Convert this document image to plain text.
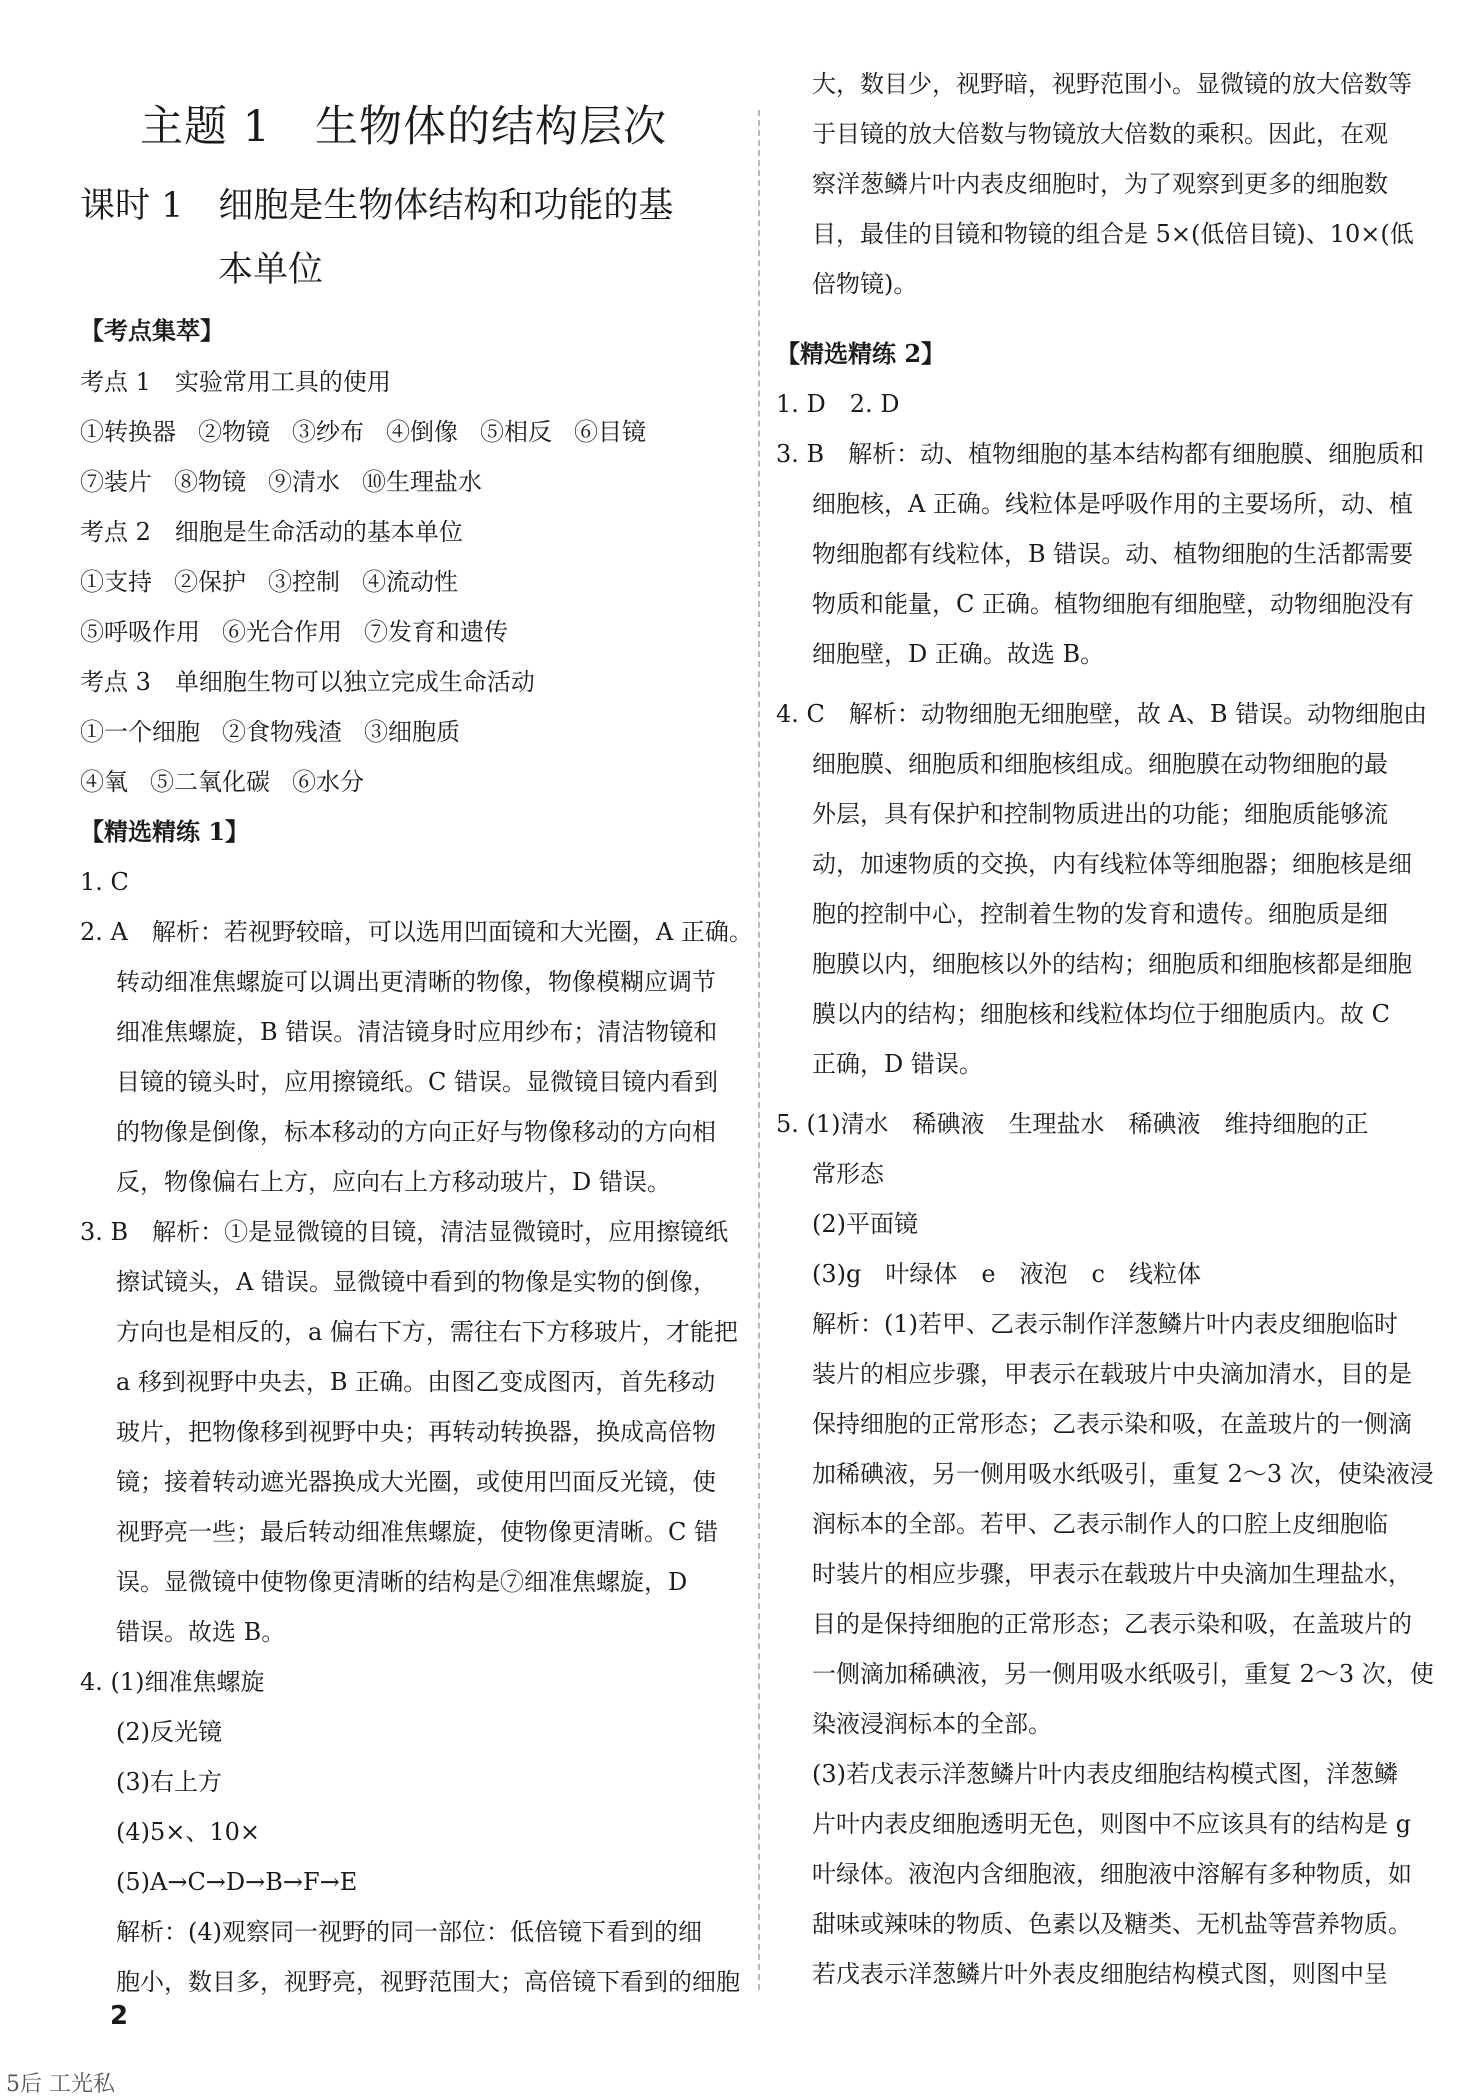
主题 1　生物体的结构层次
课时 1　细胞是生物体结构和功能的基
本单位
【考点集萃】
考点 1　实验常用工具的使用
①转换器 ②物镜 ③纱布 ④倒像 ⑤相反 ⑥目镜
⑦装片 ⑧物镜 ⑨清水 ⑩生理盐水
考点 2　细胞是生命活动的基本单位
①支持 ②保护 ③控制 ④流动性
⑤呼吸作用 ⑥光合作用 ⑦发育和遗传
考点 3　单细胞生物可以独立完成生命活动
①一个细胞 ②食物残渣 ③细胞质
④氧 ⑤二氧化碳 ⑥水分
【精选精练 1】
1. C
2. A　解析：若视野较暗，可以选用凹面镜和大光圈，A 正确。
转动细准焦螺旋可以调出更清晰的物像，物像模糊应调节
细准焦螺旋，B 错误。清洁镜身时应用纱布；清洁物镜和
目镜的镜头时，应用擦镜纸。C 错误。显微镜目镜内看到
的物像是倒像，标本移动的方向正好与物像移动的方向相
反，物像偏右上方，应向右上方移动玻片，D 错误。
3. B　解析：①是显微镜的目镜，清洁显微镜时，应用擦镜纸
擦试镜头，A 错误。显微镜中看到的物像是实物的倒像，
方向也是相反的，a 偏右下方，需往右下方移玻片，才能把
a 移到视野中央去，B 正确。由图乙变成图丙，首先移动
玻片，把物像移到视野中央；再转动转换器，换成高倍物
镜；接着转动遮光器换成大光圈，或使用凹面反光镜，使
视野亮一些；最后转动细准焦螺旋，使物像更清晰。C 错
误。显微镜中使物像更清晰的结构是⑦细准焦螺旋，D
错误。故选 B。
4. (1)细准焦螺旋
(2)反光镜
(3)右上方
(4)5×、10×
(5)A→C→D→B→F→E
解析：(4)观察同一视野的同一部位：低倍镜下看到的细
胞小，数目多，视野亮，视野范围大；高倍镜下看到的细胞
大，数目少，视野暗，视野范围小。显微镜的放大倍数等
于目镜的放大倍数与物镜放大倍数的乘积。因此，在观
察洋葱鳞片叶内表皮细胞时，为了观察到更多的细胞数
目，最佳的目镜和物镜的组合是 5×(低倍目镜)、10×(低
倍物镜)。
【精选精练 2】
1. D　2. D
3. B　解析：动、植物细胞的基本结构都有细胞膜、细胞质和
细胞核，A 正确。线粒体是呼吸作用的主要场所，动、植
物细胞都有线粒体，B 错误。动、植物细胞的生活都需要
物质和能量，C 正确。植物细胞有细胞壁，动物细胞没有
细胞壁，D 正确。故选 B。
4. C　解析：动物细胞无细胞壁，故 A、B 错误。动物细胞由
细胞膜、细胞质和细胞核组成。细胞膜在动物细胞的最
外层，具有保护和控制物质进出的功能；细胞质能够流
动，加速物质的交换，内有线粒体等细胞器；细胞核是细
胞的控制中心，控制着生物的发育和遗传。细胞质是细
胞膜以内，细胞核以外的结构；细胞质和细胞核都是细胞
膜以内的结构；细胞核和线粒体均位于细胞质内。故 C
正确，D 错误。
5. (1)清水　稀碘液　生理盐水　稀碘液　维持细胞的正
常形态
(2)平面镜
(3)g　叶绿体　e　液泡　c　线粒体
解析：(1)若甲、乙表示制作洋葱鳞片叶内表皮细胞临时
装片的相应步骤，甲表示在载玻片中央滴加清水，目的是
保持细胞的正常形态；乙表示染和吸，在盖玻片的一侧滴
加稀碘液，另一侧用吸水纸吸引，重复 2～3 次，使染液浸
润标本的全部。若甲、乙表示制作人的口腔上皮细胞临
时装片的相应步骤，甲表示在载玻片中央滴加生理盐水，
目的是保持细胞的正常形态；乙表示染和吸，在盖玻片的
一侧滴加稀碘液，另一侧用吸水纸吸引，重复 2～3 次，使
染液浸润标本的全部。
(3)若戊表示洋葱鳞片叶内表皮细胞结构模式图，洋葱鳞
片叶内表皮细胞透明无色，则图中不应该具有的结构是 g
叶绿体。液泡内含细胞液，细胞液中溶解有多种物质，如
甜味或辣味的物质、色素以及糖类、无机盐等营养物质。
若戊表示洋葱鳞片叶外表皮细胞结构模式图，则图中呈
2
5后 工光私
